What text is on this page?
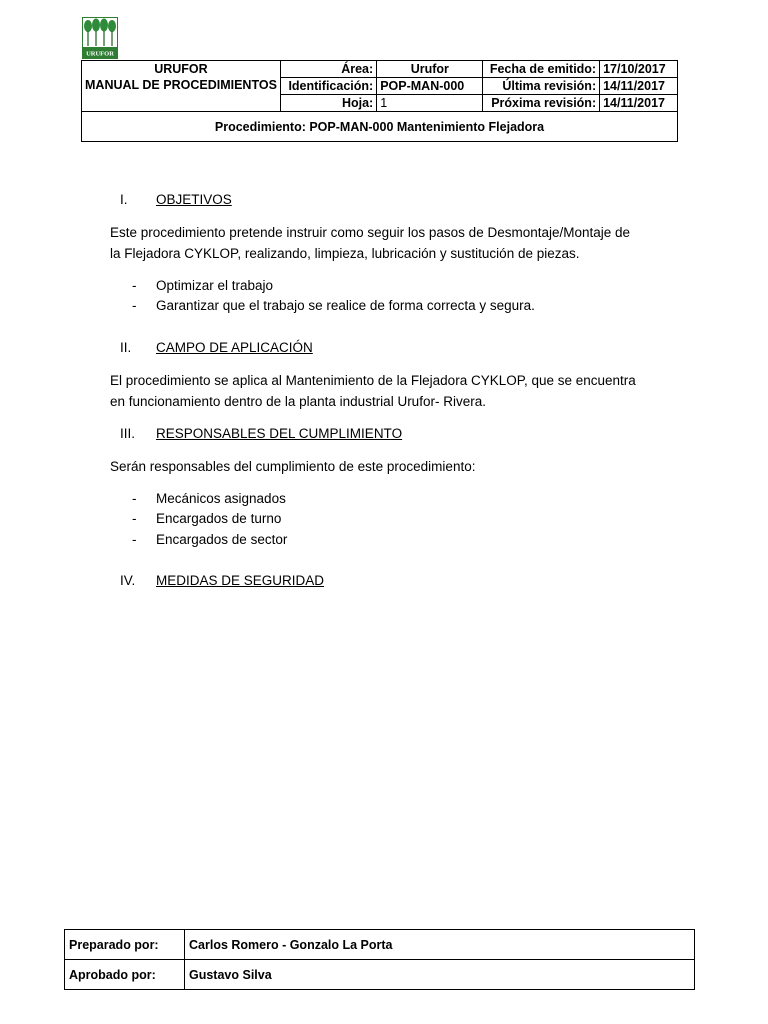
URUFOR
URUFOR
MANUAL DE PROCEDIMIENTOS	Área:	Urufor	Fecha de emitido:	17/10/2017
	Identificación:	POP-MAN-000	Última revisión:	14/11/2017
	Hoja:	1	Próxima revisión:	14/11/2017
Procedimiento: POP-MAN-000 Mantenimiento Flejadora				
I. OBJETIVOS
Este procedimiento pretende instruir como seguir los pasos de Desmontaje/Montaje de
la Flejadora CYKLOP, realizando, limpieza, lubricación y sustitución de piezas.
- Optimizar el trabajo
- Garantizar que el trabajo se realice de forma correcta y segura.
II. CAMPO DE APLICACIÓN
El procedimiento se aplica al Mantenimiento de la Flejadora CYKLOP, que se encuentra
en funcionamiento dentro de la planta industrial Urufor- Rivera.
III. RESPONSABLES DEL CUMPLIMIENTO
Serán responsables del cumplimiento de este procedimiento:
- Mecánicos asignados
- Encargados de turno
- Encargados de sector
IV. MEDIDAS DE SEGURIDAD
Preparado por:	Carlos Romero - Gonzalo La Porta
Aprobado por:	Gustavo Silva
